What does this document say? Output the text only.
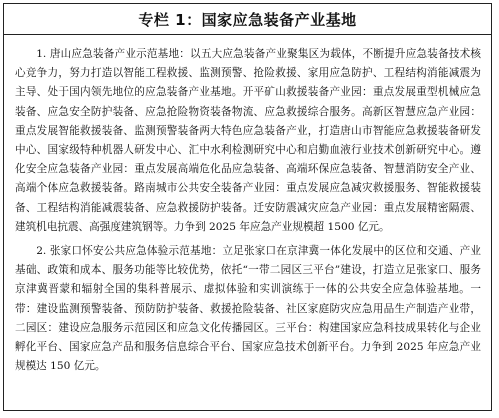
专栏 1：国家应急装备产业基地

1. 唐山应急装备产业示范基地：以五大应急装备产业聚集区为载体，不断提升应急装备技术核心竞争力，努力打造以智能工程救援、监测预警、抢险救援、家用应急防护、工程结构消能减震为主导、处于国内领先地位的应急装备产业基地。开平矿山救援装备产业园：重点发展重型机械应急装备、应急安全防护装备、应急抢险物资装备物流、应急救援综合服务。高新区智慧应急产业园：重点发展智能救援装备、监测预警装备两大特色应急装备产业，打造唐山市智能应急救援装备研发中心、国家级特种机器人研发中心、汇中水利检测研究中心和启勤血液行业技术创新研究中心。遵化安全应急装备产业园：重点发展高端危化品应急装备、高端环保应急装备、智慧消防安全产业、高端个体应急救援装备。路南城市公共安全装备产业园：重点发展应急减灾救援服务、智能救援装备、工程结构消能减震装备、应急救援防护装备。迁安防震减灾应急产业园：重点发展精密隔震、建筑机电抗震、高强度建筑钢等。力争到 2025 年应急产业规模超 1500 亿元。

2. 张家口怀安公共应急体验示范基地：立足张家口在京津冀一体化发展中的区位和交通、产业基础、政策和成本、服务功能等比较优势，依托“一带二园区三平台”建设，打造立足张家口、服务京津冀晋蒙和辐射全国的集科普展示、虚拟体验和实训演练于一体的公共安全应急体验基地。一带：建设监测预警装备、预防防护装备、救援抢险装备、社区家庭防灾应急用品生产制造产业带，二园区：建设应急服务示范园区和应急文化传播园区。三平台：构建国家应急科技成果转化与企业孵化平台、国家应急产品和服务信息综合平台、国家应急技术创新平台。力争到 2025 年应急产业规模达 150 亿元。
